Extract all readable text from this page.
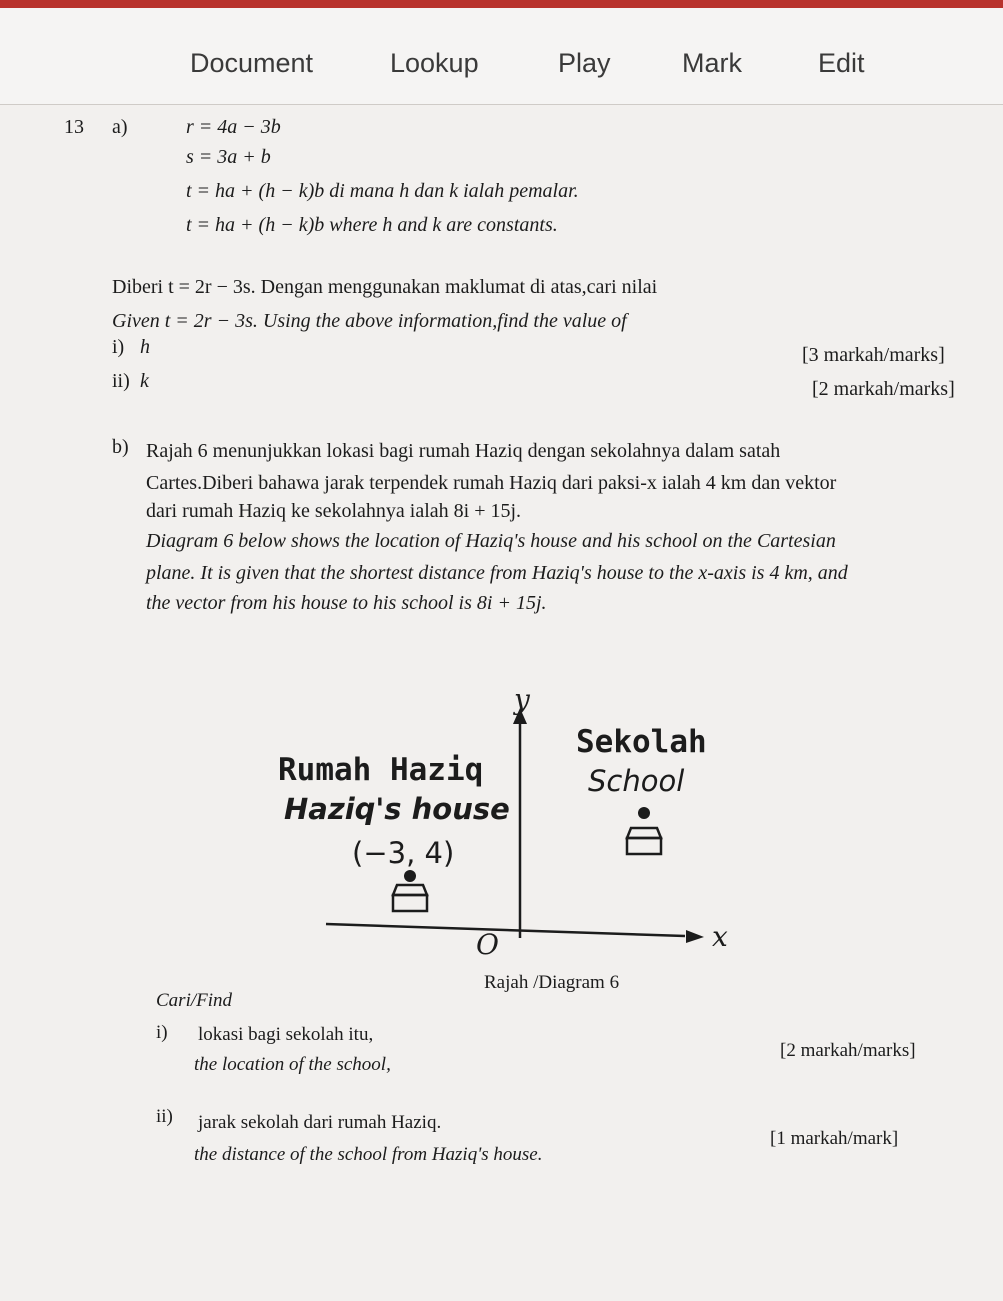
Document	Lookup	Play	Mark	Edit
13 a)	r = 4a − 3b
s = 3a + b
t = ha + (h − k)b di mana h dan k ialah pemalar.
t = ha + (h − k)b where h and k are constants.
Diberi t = 2r − 3s. Dengan menggunakan maklumat di atas,cari nilai
Given t = 2r − 3s. Using the above information,find the value of
i) h	[3 markah/marks]
ii) k	[2 markah/marks]
b) Rajah 6 menunjukkan lokasi bagi rumah Haziq dengan sekolahnya dalam satah
Cartes.Diberi bahawa jarak terpendek rumah Haziq dari paksi-x ialah 4 km dan vektor
dari rumah Haziq ke sekolahnya ialah 8i + 15j.
Diagram 6 below shows the location of Haziq's house and his school on the Cartesian
plane. It is given that the shortest distance from Haziq's house to the x-axis is 4 km, and
the vector from his house to his school is 8i + 15j.
y
x
O
Sekolah
School
Rumah Haziq
Haziq's house
(−3, 4)
Rajah /Diagram 6
Cari/Find
i) lokasi bagi sekolah itu,
the location of the school,
[2 markah/marks]
ii) jarak sekolah dari rumah Haziq.
the distance of the school from Haziq's house.
[1 markah/mark]
